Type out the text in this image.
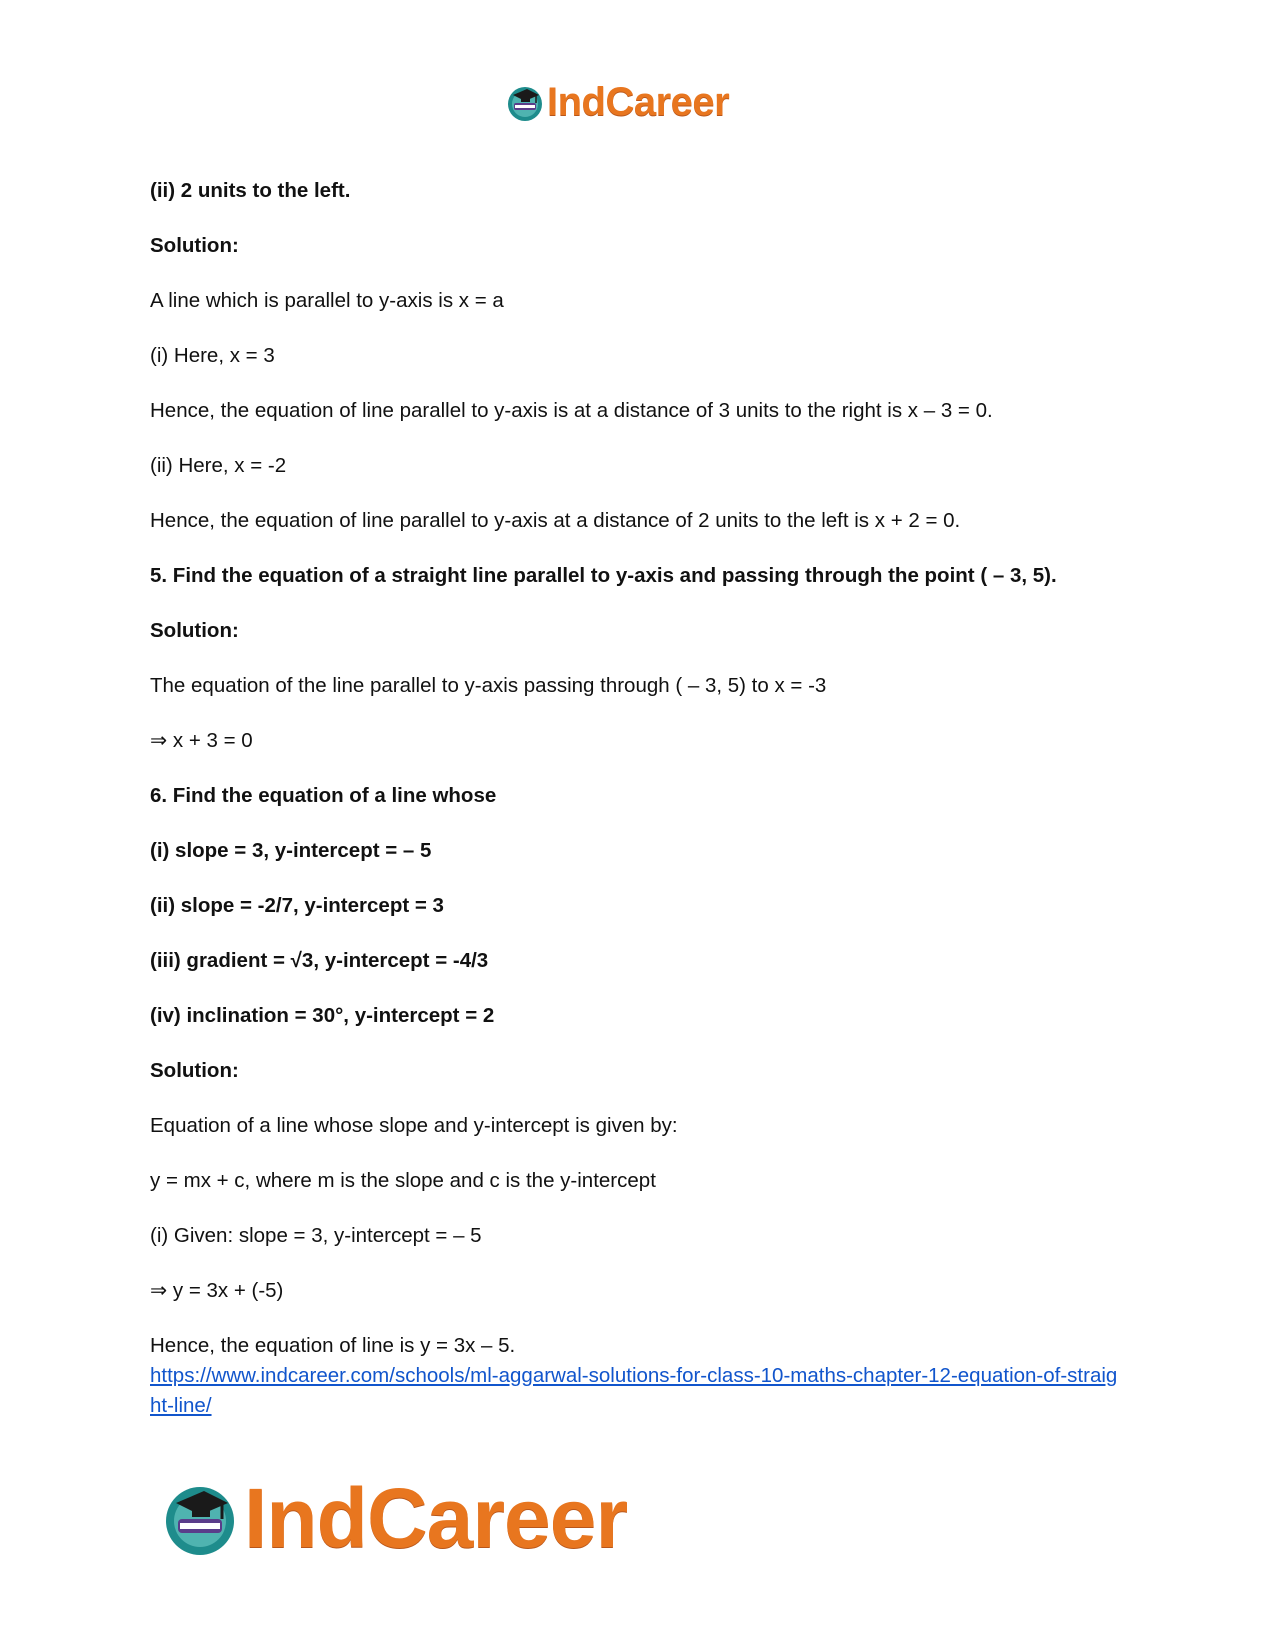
IndCareer

(ii) 2 units to the left.

Solution:

A line which is parallel to y-axis is x = a

(i) Here, x = 3

Hence, the equation of line parallel to y-axis is at a distance of 3 units to the right is x – 3 = 0.

(ii) Here, x = -2

Hence, the equation of line parallel to y-axis at a distance of 2 units to the left is x + 2 = 0.

5. Find the equation of a straight line parallel to y-axis and passing through the point ( – 3, 5).

Solution:

The equation of the line parallel to y-axis passing through ( – 3, 5) to x = -3

⇒ x + 3 = 0

6. Find the equation of a line whose

(i) slope = 3, y-intercept = – 5

(ii) slope = -2/7, y-intercept = 3

(iii) gradient = √3, y-intercept = -4/3

(iv) inclination = 30°, y-intercept = 2

Solution:

Equation of a line whose slope and y-intercept is given by:

y = mx + c, where m is the slope and c is the y-intercept

(i) Given: slope = 3, y-intercept = – 5

⇒ y = 3x + (-5)

Hence, the equation of line is y = 3x – 5.

https://www.indcareer.com/schools/ml-aggarwal-solutions-for-class-10-maths-chapter-12-equation-of-straight-line/
IndCareer
